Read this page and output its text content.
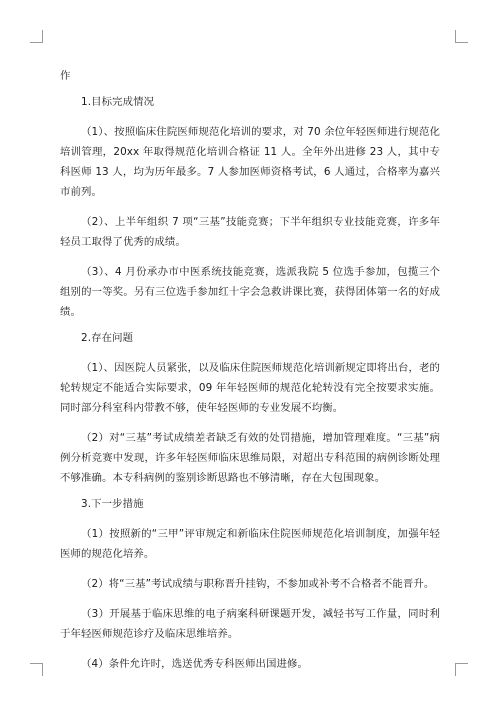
作

1.目标完成情况

（1）、按照临床住院医师规范化培训的要求，对 70 余位年轻医师进行规范化培训管理，20xx 年取得规范化培训合格证 11 人。全年外出进修 23 人，其中专科医师 13 人，均为历年最多。7 人参加医师资格考试，6 人通过，合格率为嘉兴市前列。

（2）、上半年组织 7 项“三基”技能竞赛；下半年组织专业技能竞赛，许多年轻员工取得了优秀的成绩。

（3）、4 月份承办市中医系统技能竞赛，选派我院 5 位选手参加，包揽三个组别的一等奖。另有三位选手参加红十字会急救讲课比赛，获得团体第一名的好成绩。

2.存在问题

（1）、因医院人员紧张，以及临床住院医师规范化培训新规定即将出台，老的轮转规定不能适合实际要求，09 年年轻医师的规范化轮转没有完全按要求实施。同时部分科室科内带教不够，使年轻医师的专业发展不均衡。

（2）对“三基”考试成绩差者缺乏有效的处罚措施，增加管理难度。“三基”病例分析竞赛中发现，许多年轻医师临床思维局限，对超出专科范围的病例诊断处理不够准确。本专科病例的鉴别诊断思路也不够清晰，存在大包围现象。

3.下一步措施

（1）按照新的“三甲”评审规定和新临床住院医师规范化培训制度，加强年轻医师的规范化培养。

（2）将“三基”考试成绩与职称晋升挂钩，不参加或补考不合格者不能晋升。

（3）开展基于临床思维的电子病案科研课题开发，减轻书写工作量，同时利于年轻医师规范诊疗及临床思维培养。

（4）条件允许时，选送优秀专科医师出国进修。
